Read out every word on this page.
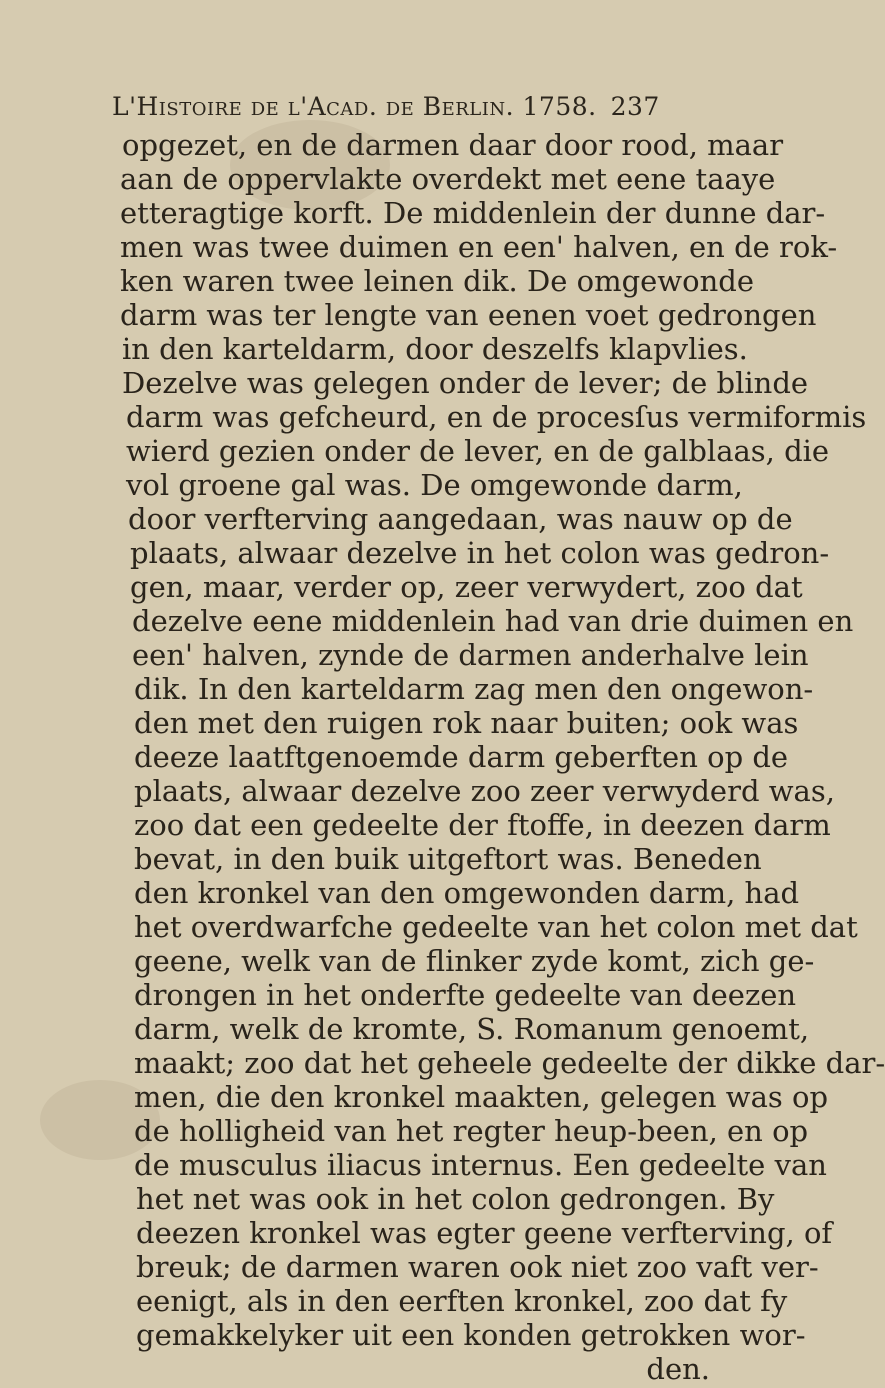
L'Histoire de l'Acad. de Berlin. 1758. 237
opgezet, en de darmen daar door rood, maar
aan de oppervlakte overdekt met eene taaye
etteragtige korft. De middenlein der dunne dar-
men was twee duimen en een' halven, en de rok-
ken waren twee leinen dik. De omgewonde
darm was ter lengte van eenen voet gedrongen
in den karteldarm, door deszelfs klapvlies.
Dezelve was gelegen onder de lever; de blinde
darm was gefcheurd, en de procesſus vermiformis
wierd gezien onder de lever, en de galblaas, die
vol groene gal was. De omgewonde darm,
door verfterving aangedaan, was nauw op de
plaats, alwaar dezelve in het colon was gedron-
gen, maar, verder op, zeer verwydert, zoo dat
dezelve eene middenlein had van drie duimen en
een' halven, zynde de darmen anderhalve lein
dik. In den karteldarm zag men den ongewon-
den met den ruigen rok naar buiten; ook was
deeze laatftgenoemde darm geberften op de
plaats, alwaar dezelve zoo zeer verwyderd was,
zoo dat een gedeelte der ftoffe, in deezen darm
bevat, in den buik uitgeftort was. Beneden
den kronkel van den omgewonden darm, had
het overdwarfche gedeelte van het colon met dat
geene, welk van de flinker zyde komt, zich ge-
drongen in het onderfte gedeelte van deezen
darm, welk de kromte, S. Romanum genoemt,
maakt; zoo dat het geheele gedeelte der dikke dar-
men, die den kronkel maakten, gelegen was op
de holligheid van het regter heup-been, en op
de musculus iliacus internus. Een gedeelte van
het net was ook in het colon gedrongen. By
deezen kronkel was egter geene verfterving, of
breuk; de darmen waren ook niet zoo vaft ver-
eenigt, als in den eerften kronkel, zoo dat fy
gemakkelyker uit een konden getrokken wor-
den.
